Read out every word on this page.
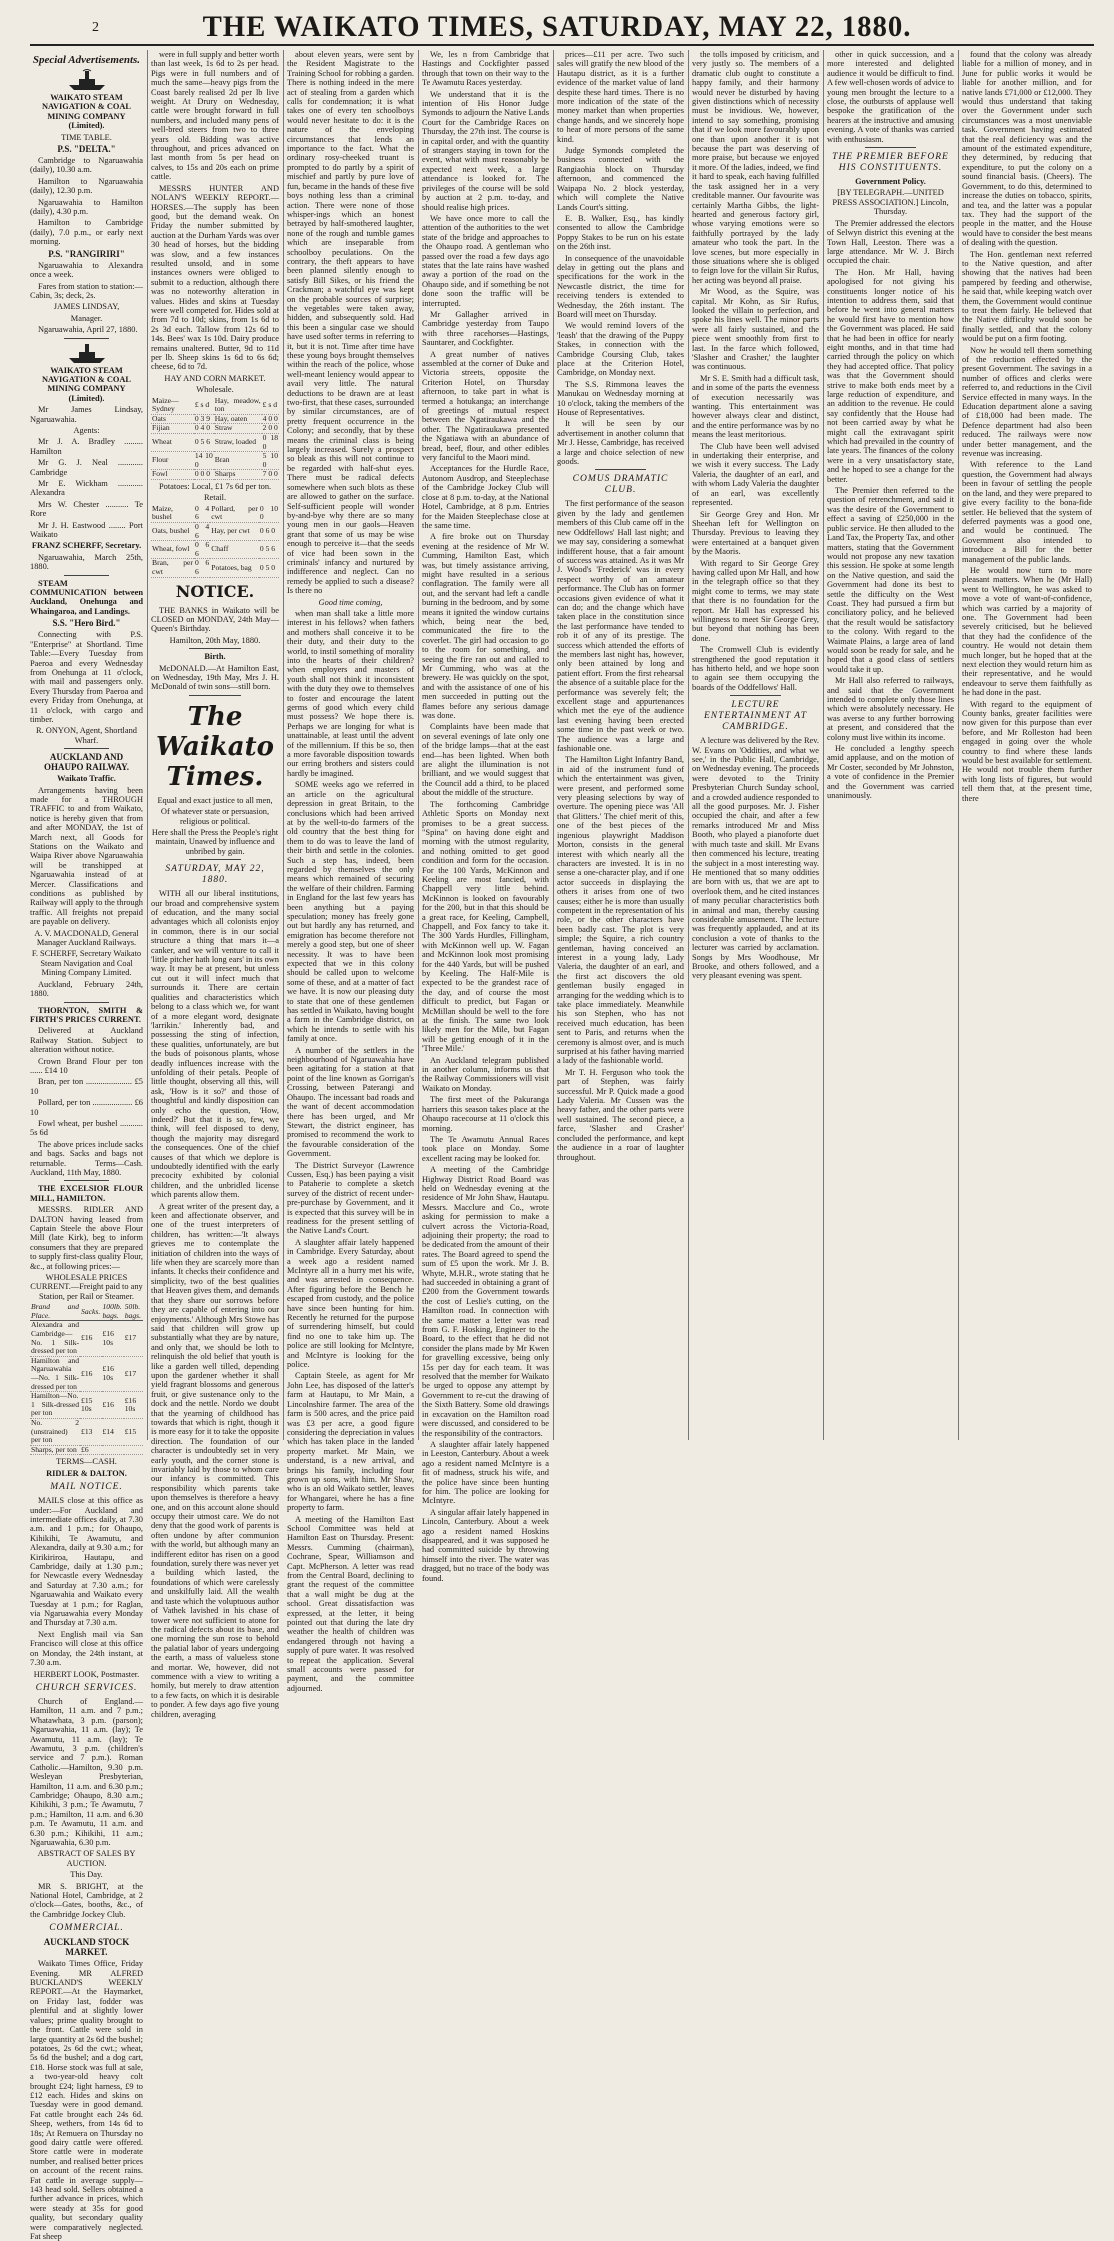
2	THE WAIKATO TIMES, SATURDAY, MAY 22, 1880.
Special Advertisements.

WAIKATO STEAM NAVIGATION & COAL MINING COMPANY (Limited).

TIME TABLE.

P.S. "DELTA."

Cambridge to Ngaruawahia (daily), 10.30 a.m.

Hamilton to Ngaruawahia (daily), 12.30 p.m.

Ngaruawahia to Hamilton (daily), 4.30 p.m.

Hamilton to Cambridge (daily), 7.0 p.m., or early next morning.

P.S. "RANGIRIRI"

Ngaruawahia to Alexandra once a week.

Fares from station to station:—Cabin, 3s; deck, 2s.

JAMES LINDSAY,

Manager.

Ngaruawahia, April 27, 1880.

WAIKATO STEAM NAVIGATION & COAL MINING COMPANY (Limited).

Mr James Lindsay, Ngaruawahia.

Agents:

Mr J. A. Bradley ......... Hamilton

Mr G. J. Neal ............ Cambridge

Mr E. Wickham ............ Alexandra

Mrs W. Chester ........... Te Rore

Mr J. H. Eastwood ........ Port Waikato

FRANZ SCHERFF, Secretary.

Ngaruawahia, March 25th, 1880.

STEAM COMMUNICATION between Auckland, Onehunga and Whaingaroa, and Landings.

S.S. "Hero Bird."

Connecting with P.S. "Enterprise" at Shortland. Time Table:—Every Tuesday from Paeroa and every Wednesday from Onehunga at 11 o'clock, with mail and passengers only. Every Thursday from Paeroa and every Friday from Onehunga, at 11 o'clock, with cargo and timber.

R. ONYON, Agent, Shortland Wharf.

AUCKLAND AND OHAUPO RAILWAY.

Waikato Traffic.

Arrangements having been made for a THROUGH TRAFFIC to and from Waikato, notice is hereby given that from and after MONDAY, the 1st of March next, all Goods for Stations on the Waikato and Waipa River above Ngaruawahia will be transhipped at Ngaruawahia instead of at Mercer. Classifications and conditions as published by Railway will apply to the through traffic. All freights not prepaid are payable on delivery.

A. V. MACDONALD, General Manager Auckland Railways.

F. SCHERFF, Secretary Waikato Steam Navigation and Coal Mining Company Limited.

Auckland, February 24th, 1880.

THORNTON, SMITH & FIRTH'S PRICES CURRENT.

Delivered at Auckland Railway Station. Subject to alteration without notice.

Crown Brand Flour per ton ...... £14 10

Bran, per ton ...................... £5 10

Pollard, per ton ................... £6 10

Fowl wheat, per bushel ........... 5s 6d

The above prices include sacks and bags. Sacks and bags not returnable. Terms—Cash. Auckland, 11th May, 1880.

THE EXCELSIOR FLOUR MILL, HAMILTON.

MESSRS. RIDLER AND DALTON having leased from Captain Steele the above Flour Mill (late Kirk), beg to inform consumers that they are prepared to supply first-class quality Flour, &c., at following prices:—

WHOLESALE PRICES CURRENT.—Freight paid to any Station, per Rail or Steamer.

Brand and Place.	Sacks.	100lb. bags.	50lb. bags.
Alexandra and Cambridge—No. 1 Silk-dressed per ton	£16	£16 10s	£17
Hamilton and Ngaruawahia—No. 1 Silk-dressed per ton	£16	£16 10s	£17
Hamilton—No. 1 Silk-dressed per ton	£15 10s	£16	£16 10s
No. 2 (unstrained) per ton	£13	£14	£15
Sharps, per ton	£6		

TERMS—CASH.

RIDLER & DALTON.

MAIL NOTICE.

MAILS close at this office as under:—For Auckland and intermediate offices daily, at 7.30 a.m. and 1 p.m.; for Ohaupo, Kihikihi, Te Awamutu, and Alexandra, daily at 9.30 a.m.; for Kirikiriroa, Hautapu, and Cambridge, daily at 1.30 p.m.; for Newcastle every Wednesday and Saturday at 7.30 a.m.; for Ngaruawahia and Waikato every Tuesday at 1 p.m.; for Raglan, via Ngaruawahia every Monday and Thursday at 7.30 a.m.

Next English mail via San Francisco will close at this office on Monday, the 24th instant, at 7.30 a.m.

HERBERT LOOK, Postmaster.

CHURCH SERVICES.

Church of England.—Hamilton, 11 a.m. and 7 p.m.; Whatawhata, 3 p.m. (parson); Ngaruawahia, 11 a.m. (lay); Te Awamutu, 11 a.m. (lay); Te Awamutu, 3 p.m. (children's service and 7 p.m.). Roman Catholic.—Hamilton, 9.30 p.m. Wesleyan Presbyterian, Hamilton, 11 a.m. and 6.30 p.m.; Cambridge; Ohaupo, 8.30 a.m.; Kihikihi, 3 p.m.; Te Awamutu, 7 p.m.; Hamilton, 11 a.m. and 6.30 p.m. Te Awamutu, 11 a.m. and 6.30 p.m.; Kihikihi, 11 a.m.; Ngaruawahia, 6.30 p.m.

ABSTRACT OF SALES BY AUCTION.

This Day.

MR S. BRIGHT, at the National Hotel, Cambridge, at 2 o'clock—Gates, booths, &c., of the Cambridge Jockey Club.

COMMERCIAL.
AUCKLAND STOCK MARKET.

Waikato Times Office, Friday Evening. MR ALFRED BUCKLAND'S WEEKLY REPORT.—At the Haymarket, on Friday last, fodder was plentiful and at slightly lower values; prime quality brought to the front. Cattle were sold in large quantity at 2s 6d the bushel; potatoes, 2s 6d the cwt.; wheat, 5s 6d the bushel; and a dog cart, £18. Horse stock was full at sale, a two-year-old heavy colt brought £24; light harness, £9 to £12 each. Hides and skins on Tuesday were in good demand. Fat cattle brought each 24s 6d. Sheep, wethers, from 14s 6d to 18s; At Remuera on Thursday no good dairy cattle were offered. Store cattle were in moderate number, and realised better prices on account of the recent rains. Fat cattle in average supply—143 head sold. Sellers obtained a further advance in prices, which were steady at 35s for good quality, but secondary quality were comparatively neglected. Fat sheep

were in full supply and better worth than last week, 1s 6d to 2s per head. Pigs were in full numbers and of much the same—heavy pigs from the Coast barely realised 2d per lb live weight. At Drury on Wednesday, cattle were brought forward in full numbers, and included many pens of well-bred steers from two to three years old. Bidding was active throughout, and prices advanced on last month from 5s per head on calves, to 15s and 20s each on prime cattle.

MESSRS HUNTER AND NOLAN'S WEEKLY REPORT.—HORSES.—The supply has been good, but the demand weak. On Friday the number submitted by auction at the Durham Yards was over 30 head of horses, but the bidding was slow, and a few instances resulted unsold, and in some instances owners were obliged to submit to a reduction, although there was no noteworthy alteration in values. Hides and skins at Tuesday were well competed for. Hides sold at from 7d to 10d; skins, from 1s 6d to 2s 3d each. Tallow from 12s 6d to 14s. Bees' wax 1s 10d. Dairy produce remains unaltered. Butter, 9d to 11d per lb. Sheep skins 1s 6d to 6s 6d; cheese, 6d to 7d.

HAY AND CORN MARKET.

Wholesale.

Maize—Sydney	£ s d	Hay, meadow, ton	£ s d
Oats	0 3 9	Hay, oaten	4 0 0
Fijian	0 4 0	Straw	2 0 0
Wheat	0 5 6	Straw, loaded	0 18 0
Flour	14 10 0	Bran	5 10 0
Fowl	0 0 0	Sharps	7 0 0

Potatoes: Local, £1 7s 6d per ton.

Retail.

Maize, bushel	0 4 6	Pollard, per cwt	0 10 0
Oats, bushel	0 4 6	Hay, per cwt	0 6 0
Wheat, fowl	0 6 6	Chaff	0 5 6
Bran, per cwt	0 6 6	Potatoes, bag	0 5 0
NOTICE.

THE BANKS in Waikato will be CLOSED on MONDAY, 24th May—Queen's Birthday.

Hamilton, 20th May, 1880.

Birth.

McDONALD.—At Hamilton East, on Wednesday, 19th May, Mrs J. H. McDonald of twin sons—still born.

The Waikato Times.

Equal and exact justice to all men,

Of whatever state or persuasion, religious or political.

Here shall the Press the People's right maintain, Unawed by influence and unbribed by gain.

SATURDAY, MAY 22, 1880.

WITH all our liberal institutions, our broad and comprehensive system of education, and the many social advantages which all colonists enjoy in common, there is in our social structure a thing that mars it—a canker, and we will venture to call it 'little pitcher hath long ears' in its own way. It may be at present, but unless cut out it will infect much that surrounds it. There are certain qualities and characteristics which belong to a class which we, for want of a more elegant word, designate 'larrikin.' Inherently bad, and possessing the sting of infection, these qualities, unfortunately, are but the buds of poisonous plants, whose deadly influences increase with the unfolding of their petals. People of little thought, observing all this, will ask, 'How is it so?' and those of thoughtful and kindly disposition can only echo the question, 'How, indeed?' But that it is so, few, we think, will feel disposed to deny, though the majority may disregard the consequences. One of the chief causes of that which we deplore is undoubtedly identified with the early precocity exhibited by colonial children, and the unbridled license which parents allow them.

A great writer of the present day, a keen and affectionate observer, and one of the truest interpreters of children, has written:—'It always grieves me to contemplate the initiation of children into the ways of life when they are scarcely more than infants. It checks their confidence and simplicity, two of the best qualities that Heaven gives them, and demands that they share our sorrows before they are capable of entering into our enjoyments.' Although Mrs Stowe has said that children will grow up substantially what they are by nature, and only that, we should be loth to relinquish the old belief that youth is like a garden well tilled, depending upon the gardener whether it shall yield fragrant blossoms and generous fruit, or give sustenance only to the dock and the nettle. Nordo we doubt that the yearning of childhood has towards that which is right, though it is more easy for it to take the opposite direction. The foundation of our character is undoubtedly set in very early youth, and the corner stone is invariably laid by those to whom care our infancy is committed. This responsibility which parents take upon themselves is therefore a heavy one, and on this account alone should occupy their utmost care. We do not deny that the good work of parents is often undone by after communion with the world, but although many an indifferent editor has risen on a good foundation, surely there was never yet a building which lasted, the foundations of which were carelessly and unskilfully laid. All the wealth and taste which the voluptuous author of Vathek lavished in his chase of tower were not sufficient to atone for the radical defects about its base, and one morning the sun rose to behold the palatial labor of years undergoing the earth, a mass of valueless stone and mortar. We, however, did not commence with a view to writing a homily, but merely to draw attention to a few facts, on which it is desirable to ponder. A few days ago five young children, averaging

about eleven years, were sent by the Resident Magistrate to the Training School for robbing a garden. There is nothing indeed in the mere act of stealing from a garden which calls for condemnation; it is what takes one of every ten schoolboys would never hesitate to do: it is the nature of the enveloping circumstances that lends an importance to the fact. What the ordinary rosy-cheeked truant is prompted to do partly by a spirit of mischief and partly by pure love of fun, became in the hands of these five boys nothing less than a criminal action. There were none of those whisper-ings which an honest betrayed by half-smothered laughter, none of the rough and tumble games which are inseparable from schoolboy peculations. On the contrary, the theft appears to have been planned silently enough to satisfy Bill Sikes, or his friend the Crackman; a watchful eye was kept on the probable sources of surprise; the vegetables were taken away, hidden, and subsequently sold. Had this been a singular case we should have used softer terms in referring to it, but it is not. Time after time have these young boys brought themselves within the reach of the police, whose well-meant leniency would appear to avail very little. The natural deductions to be drawn are at least two-first, that these cases, surrounded by similar circumstances, are of pretty frequent occurrence in the Colony; and secondly, that by these means the criminal class is being largely increased. Surely a prospect so bleak as this will not continue to be regarded with half-shut eyes. There must be radical defects somewhere when such blots as these are allowed to gather on the surface. Self-sufficient people will wonder by-and-bye why there are so many young men in our gaols—Heaven grant that some of us may be wise enough to perceive it—that the seeds of vice had been sown in the criminals' infancy and nurtured by indifference and neglect. Can no remedy be applied to such a disease? Is there no

Good time coming,

when man shall take a little more interest in his fellows? when fathers and mothers shall conceive it to be their duty, and their duty to the world, to instil something of morality into the hearts of their children? when employers and masters of youth shall not think it inconsistent with the duty they owe to themselves to foster and encourage the latent germs of good which every child must possess? We hope there is. Perhaps we are longing for what is unattainable, at least until the advent of the millennium. If this be so, then a more favorable disposition towards our erring brothers and sisters could hardly be imagined.

SOME weeks ago we referred in an article on the agricultural depression in great Britain, to the conclusions which had been arrived at by the well-to-do farmers of the old country that the best thing for them to do was to leave the land of their birth and settle in the colonies. Such a step has, indeed, been regarded by themselves the only means which remained of securing the welfare of their children. Farming in England for the last few years has been anything but a paying speculation; money has freely gone out but hardly any has returned, and emigration has become therefore not merely a good step, but one of sheer necessity. It was to have been expected that we in this colony should be called upon to welcome some of these, and at a matter of fact we have. It is now our pleasing duty to state that one of these gentlemen has settled in Waikato, having bought a farm in the Cambridge district, on which he intends to settle with his family at once.

A number of the settlers in the neighbourhood of Ngaruawahia have been agitating for a station at that point of the line known as Gorrigan's Crossing, between Paterangi and Ohaupo. The incessant bad roads and the want of decent accommodation there has been urged, and Mr Stewart, the district engineer, has promised to recommend the work to the favourable consideration of the Government.

The District Surveyor (Lawrence Cussen, Esq.) has been paying a visit to Pataherie to complete a sketch survey of the district of recent under-pre-purchase by Government, and it is expected that this survey will be in readiness for the present settling of the Native Land's Court.

A slaughter affair lately happened in Cambridge. Every Saturday, about a week ago a resident named McIntyre all in a hurry met his wife, and was arrested in consequence. After figuring before the Bench he escaped from custody, and the police have since been hunting for him. Recently he returned for the purpose of surrendering himself, but could find no one to take him up. The police are still looking for McIntyre, and McIntyre is looking for the police.

Captain Steele, as agent for Mr John Lee, has disposed of the latter's farm at Hautapu, to Mr Main, a Lincolnshire farmer. The area of the farm is 500 acres, and the price paid was £3 per acre, a good figure considering the depreciation in values which has taken place in the landed property market. Mr Main, we understand, is a new arrival, and brings his family, including four grown up sons, with him. Mr Shaw, who is an old Waikato settler, leaves for Whangarei, where he has a fine property to farm.

A meeting of the Hamilton East School Committee was held at Hamilton East on Thursday. Present: Messrs. Cumming (chairman), Cochrane, Spear, Williamson and Capt. McPherson. A letter was read from the Central Board, declining to grant the request of the committee that a wall might be dug at the school. Great dissatisfaction was expressed, at the letter, it being pointed out that during the late dry weather the health of children was endangered through not having a supply of pure water. It was resolved to repeat the application. Several small accounts were passed for payment, and the committee adjourned.

We, les n from Cambridge that Hastings and Cockfighter passed through that town on their way to the Te Awamutu Races yesterday.

We understand that it is the intention of His Honor Judge Symonds to adjourn the Native Lands Court for the Cambridge Races on Thursday, the 27th inst. The course is in capital order, and with the quantity of strangers staying in town for the event, what with must reasonably be expected next week, a large attendance is looked for. The privileges of the course will be sold by auction at 2 p.m. to-day, and should realise high prices.

We have once more to call the attention of the authorities to the wet state of the bridge and approaches to the Ohaupo road. A gentleman who passed over the road a few days ago states that the late rains have washed away a portion of the road on the Ohaupo side, and if something be not done soon the traffic will be interrupted.

Mr Gallagher arrived in Cambridge yesterday from Taupo with three racehorses—Hastings, Sauntarer, and Cockfighter.

A great number of natives assembled at the corner of Duke and Victoria streets, opposite the Criterion Hotel, on Thursday afternoon, to take part in what is termed a hotukanga; an interchange of greetings of mutual respect between the Ngatiraukawa and the other. The Ngatiraukawa presented the Ngatiawa with an abundance of bread, beef, flour, and other edibles very fanciful to the Maori mind.

Acceptances for the Hurdle Race, Autonom Ausdrop, and Steeplechase of the Cambridge Jockey Club will close at 8 p.m. to-day, at the National Hotel, Cambridge, at 8 p.m. Entries for the Maiden Steeplechase close at the same time.

A fire broke out on Thursday evening at the residence of Mr W. Cumming, Hamilton East, which was, but timely assistance arriving, might have resulted in a serious conflagration. The family were all out, and the servant had left a candle burning in the bedroom, and by some means it ignited the window curtains which, being near the bed, communicated the fire to the coverlet. The girl had occasion to go to the room for something, and seeing the fire ran out and called to Mr Cumming, who was at the brewery. He was quickly on the spot, and with the assistance of one of his men succeeded in putting out the flames before any serious damage was done.

Complaints have been made that on several evenings of late only one of the bridge lamps—that at the east end—has been lighted. When both are alight the illumination is not brilliant, and we would suggest that the Council add a third, to be placed about the middle of the structure.

The forthcoming Cambridge Athletic Sports on Monday next promises to be a great success. "Spina" on having done eight and morning with the utmost regularity, and nothing omitted to get good condition and form for the occasion. For the 100 Yards, McKinnon and Keeling are most fancied, with Chappell very little behind. McKinnon is looked on favourably for the 200, but in that this should be a great race, for Keeling, Campbell, Chappell, and Fox fancy to take it. The 300 Yards Hurdles, Fillingham, with McKinnon well up. W. Fagan and McKinnon look most promising for the 440 Yards, but will be pushed by Keeling. The Half-Mile is expected to be the grandest race of the day, and of course the most difficult to predict, but Fagan or McMillan should be well to the fore at the finish. The same two look likely men for the Mile, but Fagan will be getting enough of it in the 'Three Mile.'

An Auckland telegram published in another column, informs us that the Railway Commissioners will visit Waikato on Monday.

The first meet of the Pakuranga harriers this season takes place at the Ohaupo racecourse at 11 o'clock this morning.

The Te Awamutu Annual Races took place on Monday. Some excellent racing may be looked for.

A meeting of the Cambridge Highway District Road Board was held on Wednesday evening at the residence of Mr John Shaw, Hautapu. Messrs. Macclure and Co., wrote asking for permission to make a culvert across the Victoria-Road, adjoining their property; the road to be dedicated from the amount of their rates. The Board agreed to spend the sum of £5 upon the work. Mr J. B. Whyte, M.H.R., wrote stating that he had succeeded in obtaining a grant of £200 from the Government towards the cost of Leslie's cutting, on the Hamilton road. In connection with the same matter a letter was read from G. F. Hosking, Engineer to the Board, to the effect that he did not consider the plans made by Mr Kwen for gravelling excessive, being only 15s per day for each team. It was resolved that the member for Waikato be urged to oppose any attempt by Government to re-cut the drawing of the Sixth Battery. Some old drawings in excavation on the Hamilton road were discussed, and considered to be the responsibility of the contractors.

A slaughter affair lately happened in Leeston, Canterbury. About a week ago a resident named McIntyre is a fit of madness, struck his wife, and the police have since been hunting for him. The police are looking for McIntyre.

A singular affair lately happened in Lincoln, Canterbury. About a week ago a resident named Hoskins disappeared, and it was supposed he had committed suicide by throwing himself into the river. The water was dragged, but no trace of the body was found.

prices—£11 per acre. Two such sales will gratify the new blood of the Hautapu district, as it is a further evidence of the market value of land despite these hard times. There is no more indication of the state of the money market than when properties change hands, and we sincerely hope to hear of more persons of the same kind.

Judge Symonds completed the business connected with the Rangiaohia block on Thursday afternoon, and commenced the Waipapa No. 2 block yesterday, which will complete the Native Lands Court's sitting.

E. B. Walker, Esq., has kindly consented to allow the Cambridge Poppy Stakes to be run on his estate on the 26th inst.

In consequence of the unavoidable delay in getting out the plans and specifications for the work in the Newcastle district, the time for receiving tenders is extended to Wednesday, the 26th instant. The Board will meet on Thursday.

We would remind lovers of the 'leash' that the drawing of the Puppy Stakes, in connection with the Cambridge Coursing Club, takes place at the Criterion Hotel, Cambridge, on Monday next.

The S.S. Rimmona leaves the Manukau on Wednesday morning at 10 o'clock, taking the members of the House of Representatives.

It will be seen by our advertisement in another column that Mr J. Hesse, Cambridge, has received a large and choice selection of new goods.

COMUS DRAMATIC CLUB.

The first performance of the season given by the lady and gentlemen members of this Club came off in the new Oddfellows' Hall last night; and we may say, considering a somewhat indifferent house, that a fair amount of success was attained. As it was Mr J. Wood's 'Frederick' was in every respect worthy of an amateur performance. The Club has on former occasions given evidence of what it can do; and the change which have taken place in the constitution since the last performance have tended to rob it of any of its prestige. The success which attended the efforts of the members last night has, however, only been attained by long and patient effort. From the first rehearsal the absence of a suitable place for the performance was severely felt; the excellent stage and appurtenances which met the eye of the audience last evening having been erected some time in the past week or two. The audience was a large and fashionable one.

The Hamilton Light Infantry Band, in aid of the instrument fund of which the entertainment was given, were present, and performed some very pleasing selections by way of overture. The opening piece was 'All that Glitters.' The chief merit of this, one of the best pieces of the ingenious playwright Maddison Morton, consists in the general interest with which nearly all the characters are invested. It is in no sense a one-character play, and if one actor succeeds in displaying the others it arises from one of two causes; either he is more than usually competent in the representation of his role, or the other characters have been badly cast. The plot is very simple; the Squire, a rich country gentleman, having conceived an interest in a young lady, Lady Valeria, the daughter of an earl, and the first act discovers the old gentleman busily engaged in arranging for the wedding which is to take place immediately. Meanwhile his son Stephen, who has not received much education, has been sent to Paris, and returns when the ceremony is almost over, and is much surprised at his father having married a lady of the fashionable world.

Mr T. H. Ferguson who took the part of Stephen, was fairly successful. Mr P. Quick made a good Lady Valeria. Mr Cussen was the heavy father, and the other parts were well sustained. The second piece, a farce, 'Slasher and Crasher' concluded the performance, and kept the audience in a roar of laughter throughout.

the tolls imposed by criticism, and very justly so. The members of a dramatic club ought to constitute a happy family, and their harmony would never be disturbed by having given distinctions which of necessity must be invidious. We, however, intend to say something, promising that if we look more favourably upon one than upon another it is not because the part was deserving of more praise, but because we enjoyed it more. Of the ladies, indeed, we find it hard to speak, each having fulfilled the task assigned her in a very creditable manner. Our favourite was certainly Martha Gibbs, the light-hearted and generous factory girl, whose varying emotions were so faithfully portrayed by the lady amateur who took the part. In the love scenes, but more especially in those situations where she is obliged to feign love for the villain Sir Rufus, her acting was beyond all praise.

Mr Wood, as the Squire, was capital. Mr Kohn, as Sir Rufus, looked the villain to perfection, and spoke his lines well. The minor parts were all fairly sustained, and the piece went smoothly from first to last. In the farce which followed, 'Slasher and Crasher,' the laughter was continuous.

Mr S. E. Smith had a difficult task, and in some of the parts the evenness of execution necessarily was wanting. This entertainment was however always clear and distinct, and the entire performance was by no means the least meritorious.

The Club have been well advised in undertaking their enterprise, and we wish it every success. The Lady Valeria, the daughter of an earl, and with whom Lady Valeria the daughter of an earl, was excellently represented.

Sir George Grey and Hon. Mr Sheehan left for Wellington on Thursday. Previous to leaving they were entertained at a banquet given by the Maoris.

With regard to Sir George Grey having called upon Mr Hall, and how in the telegraph office so that they might come to terms, we may state that there is no foundation for the report. Mr Hall has expressed his willingness to meet Sir George Grey, but beyond that nothing has been done.

The Cromwell Club is evidently strengthened the good reputation it has hitherto held, and we hope soon to again see them occupying the boards of the Oddfellows' Hall.

LECTURE ENTERTAINMENT AT CAMBRIDGE.

A lecture was delivered by the Rev. W. Evans on 'Oddities, and what we see,' in the Public Hall, Cambridge, on Wednesday evening. The proceeds were devoted to the Trinity Presbyterian Church Sunday school, and a crowded audience responded to all the good purposes. Mr. J. Fisher occupied the chair, and after a few remarks introduced Mr and Miss Booth, who played a pianoforte duet with much taste and skill. Mr Evans then commenced his lecture, treating the subject in a most interesting way. He mentioned that so many oddities are born with us, that we are apt to overlook them, and he cited instances of many peculiar characteristics both in animal and man, thereby causing considerable amusement. The lecture was frequently applauded, and at its conclusion a vote of thanks to the lecturer was carried by acclamation. Songs by Mrs Woodhouse, Mr Brooke, and others followed, and a very pleasant evening was spent.

other in quick succession, and a more interested and delighted audience it would be difficult to find. A few well-chosen words of advice to young men brought the lecture to a close, the outbursts of applause well bespoke the gratification of the hearers at the instructive and amusing evening. A vote of thanks was carried with enthusiasm.

THE PREMIER BEFORE HIS CONSTITUENTS.

Government Policy.

[BY TELEGRAPH.—UNITED PRESS ASSOCIATION.] Lincoln, Thursday.

The Premier addressed the electors of Selwyn district this evening at the Town Hall, Leeston. There was a large attendance. Mr W. J. Birch occupied the chair.

The Hon. Mr Hall, having apologised for not giving his constituents longer notice of his intention to address them, said that before he went into general matters he would first have to mention how the Government was placed. He said that he had been in office for nearly eight months, and in that time had carried through the policy on which they had accepted office. That policy was that the Government should strive to make both ends meet by a large reduction of expenditure, and an addition to the revenue. He could say confidently that the House had not been carried away by what he might call the extravagant spirit which had prevailed in the country of late years. The finances of the colony were in a very unsatisfactory state, and he hoped to see a change for the better.

The Premier then referred to the question of retrenchment, and said it was the desire of the Government to effect a saving of £250,000 in the public service. He then alluded to the Land Tax, the Property Tax, and other matters, stating that the Government would not propose any new taxation this session. He spoke at some length on the Native question, and said the Government had done its best to settle the difficulty on the West Coast. They had pursued a firm but conciliatory policy, and he believed that the result would be satisfactory to the colony. With regard to the Waimate Plains, a large area of land would soon be ready for sale, and he hoped that a good class of settlers would take it up.

Mr Hall also referred to railways, and said that the Government intended to complete only those lines which were absolutely necessary. He was averse to any further borrowing at present, and considered that the colony must live within its income.

He concluded a lengthy speech amid applause, and on the motion of Mr Coster, seconded by Mr Johnston, a vote of confidence in the Premier and the Government was carried unanimously.

found that the colony was already liable for a million of money, and in June for public works it would be liable for another million, and for native lands £71,000 or £12,000. They would thus understand that taking over the Government under such circumstances was a most unenviable task. Government having estimated that the real deficiency was and the amount of the estimated expenditure, they determined, by reducing that expenditure, to put the colony on a sound financial basis. (Cheers). The Government, to do this, determined to increase the duties on tobacco, spirits, and tea, and the latter was a popular tax. They had the support of the people in the matter, and the House would have to consider the best means of dealing with the question.

The Hon. gentleman next referred to the Native question, and after showing that the natives had been pampered by feeding and otherwise, he said that, while keeping watch over them, the Government would continue to treat them fairly. He believed that the Native difficulty would soon be finally settled, and that the colony would be put on a firm footing.

Now he would tell them something of the reduction effected by the present Government. The savings in a number of offices and clerks were referred to, and reductions in the Civil Service effected in many ways. In the Education department alone a saving of £18,000 had been made. The Defence department had also been reduced. The railways were now under better management, and the revenue was increasing.

With reference to the Land question, the Government had always been in favour of settling the people on the land, and they were prepared to give every facility to the bona-fide settler. He believed that the system of deferred payments was a good one, and would be continued. The Government also intended to introduce a Bill for the better management of the public lands.

He would now turn to more pleasant matters. When he (Mr Hall) went to Wellington, he was asked to move a vote of want-of-confidence, which was carried by a majority of one. The Government had been severely criticised, but he believed that they had the confidence of the country. He would not detain them much longer, but he hoped that at the next election they would return him as their representative, and he would endeavour to serve them faithfully as he had done in the past.

With regard to the equipment of County banks, greater facilities were now given for this purpose than ever before, and Mr Rolleston had been engaged in going over the whole country to find where these lands would be best available for settlement. He would not trouble them further with long lists of figures, but would tell them that, at the present time, there
